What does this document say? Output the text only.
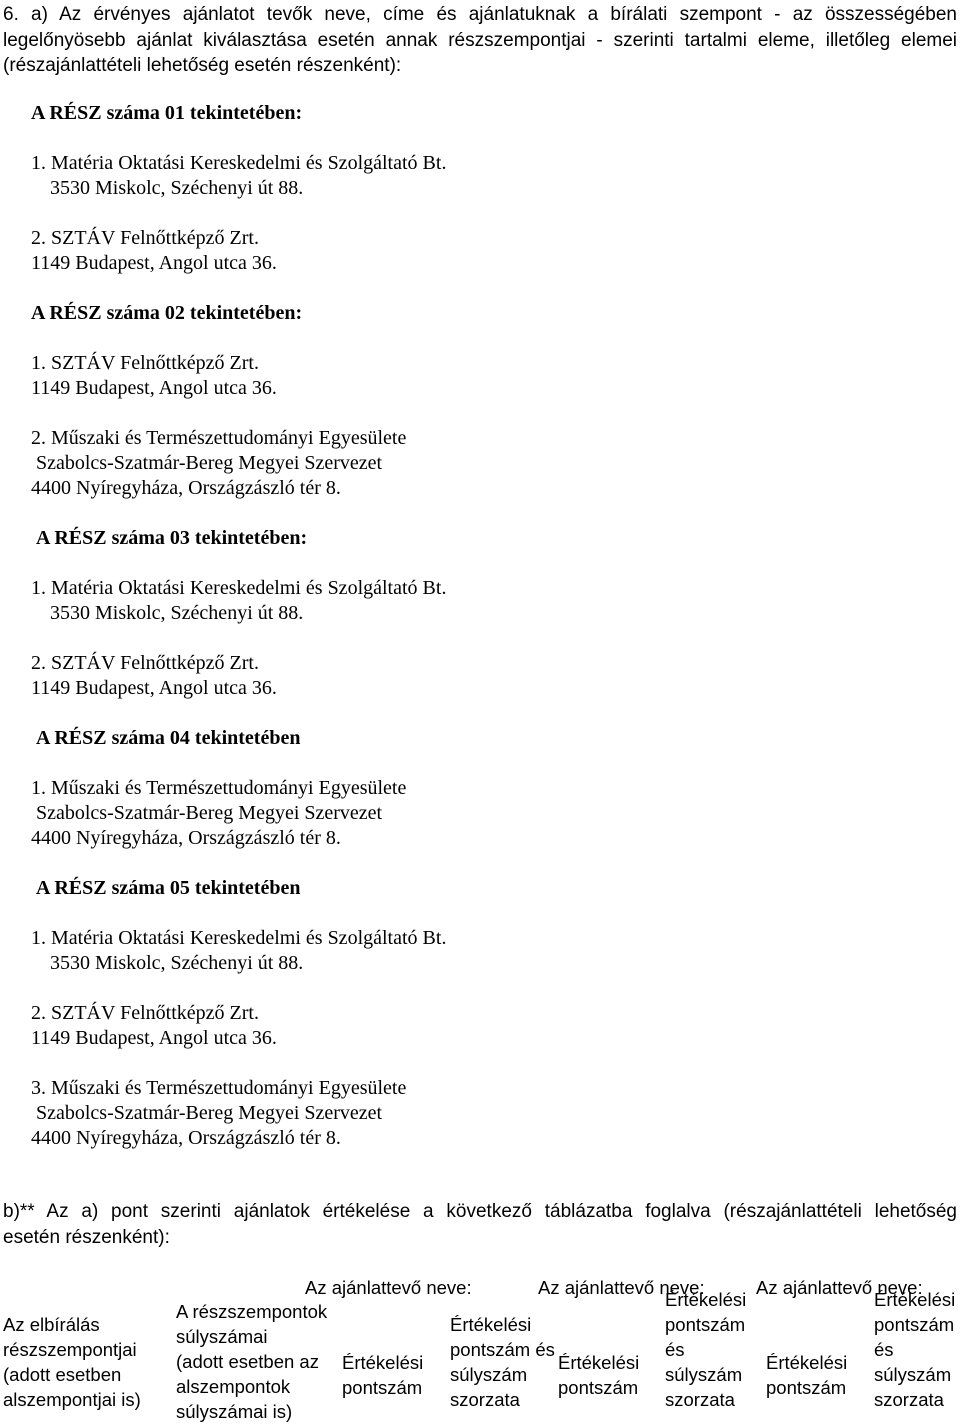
6. a) Az érvényes ajánlatot tevők neve, címe és ajánlatuknak a bírálati szempont - az összességében
legelőnyösebb ajánlat kiválasztása esetén annak részszempontjai - szerinti tartalmi eleme, illetőleg elemei
(részajánlattételi lehetőség esetén részenként):
A RÉSZ száma 01 tekintetében:
1. Matéria Oktatási Kereskedelmi és Szolgáltató Bt.
3530 Miskolc, Széchenyi út 88.
2. SZTÁV Felnőttképző Zrt.
1149 Budapest, Angol utca 36.
A RÉSZ száma 02 tekintetében:
1. SZTÁV Felnőttképző Zrt.
1149 Budapest, Angol utca 36.
2. Műszaki és Természettudományi Egyesülete
Szabolcs-Szatmár-Bereg Megyei Szervezet
4400 Nyíregyháza, Országzászló tér 8.
A RÉSZ száma 03 tekintetében:
1. Matéria Oktatási Kereskedelmi és Szolgáltató Bt.
3530 Miskolc, Széchenyi út 88.
2. SZTÁV Felnőttképző Zrt.
1149 Budapest, Angol utca 36.
A RÉSZ száma 04 tekintetében
1. Műszaki és Természettudományi Egyesülete
Szabolcs-Szatmár-Bereg Megyei Szervezet
4400 Nyíregyháza, Országzászló tér 8.
A RÉSZ száma 05 tekintetében
1. Matéria Oktatási Kereskedelmi és Szolgáltató Bt.
3530 Miskolc, Széchenyi út 88.
2. SZTÁV Felnőttképző Zrt.
1149 Budapest, Angol utca 36.
3. Műszaki és Természettudományi Egyesülete
Szabolcs-Szatmár-Bereg Megyei Szervezet
4400 Nyíregyháza, Országzászló tér 8.
b)** Az a) pont szerinti ajánlatok értékelése a következő táblázatba foglalva (részajánlattételi lehetőség
esetén részenként):
Az ajánlattevő neve:	Az ajánlattevő neve:	Az ajánlattevő neve:
Az elbírálás
részszempontjai
(adott esetben
alszempontjai is)
A részszempontok
súlyszámai
(adott esetben az
alszempontok
súlyszámai is)
Értékelési
pontszám
Értékelési
pontszám és
súlyszám
szorzata
Értékelési
pontszám
Értékelési
pontszám
és
súlyszám
szorzata
Értékelési
pontszám
Értékelési
pontszám
és
súlyszám
szorzata
